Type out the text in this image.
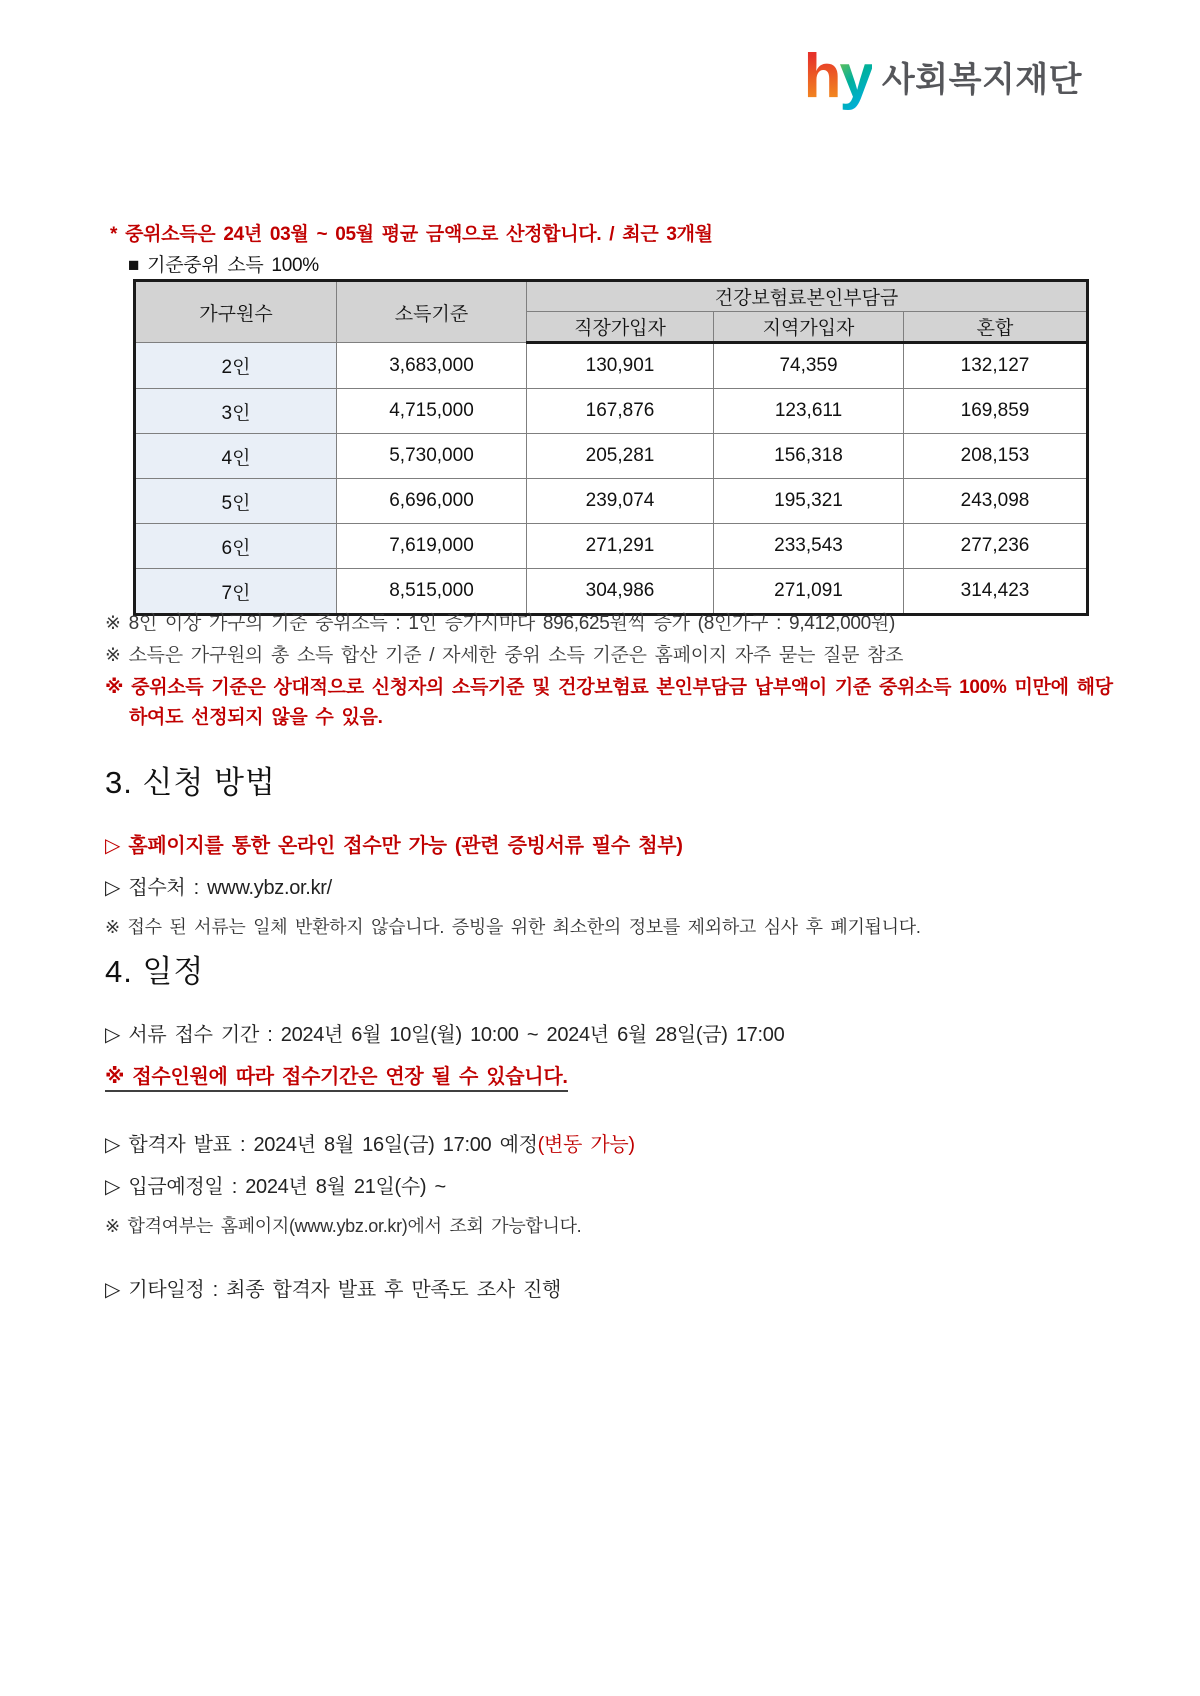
hy 사회복지재단
* 중위소득은 24년 03월 ~ 05월 평균 금액으로 산정합니다. / 최근 3개월
■ 기준중위 소득 100%
가구원수	소득기준	건강보험료본인부담금		
		직장가입자	지역가입자	혼합
2인	3,683,000	130,901	74,359	132,127
3인	4,715,000	167,876	123,611	169,859
4인	5,730,000	205,281	156,318	208,153
5인	6,696,000	239,074	195,321	243,098
6인	7,619,000	271,291	233,543	277,236
7인	8,515,000	304,986	271,091	314,423
※ 8인 이상 가구의 기준 중위소득 : 1인 증가시마다 896,625원씩 증가 (8인가구 : 9,412,000원)
※ 소득은 가구원의 총 소득 합산 기준 / 자세한 중위 소득 기준은 홈페이지 자주 묻는 질문 참조
※ 중위소득 기준은 상대적으로 신청자의 소득기준 및 건강보험료 본인부담금 납부액이 기준 중위소득 100% 미만에 해당
하여도 선정되지 않을 수 있음.
3. 신청 방법
▷ 홈페이지를 통한 온라인 접수만 가능 (관련 증빙서류 필수 첨부)
▷ 접수처 : www.ybz.or.kr/
※ 접수 된 서류는 일체 반환하지 않습니다. 증빙을 위한 최소한의 정보를 제외하고 심사 후 폐기됩니다.
4. 일정
▷ 서류 접수 기간 : 2024년 6월 10일(월) 10:00 ~ 2024년 6월 28일(금) 17:00
※ 접수인원에 따라 접수기간은 연장 될 수 있습니다.
▷ 합격자 발표 : 2024년 8월 16일(금) 17:00 예정(변동 가능)
▷ 입금예정일 : 2024년 8월 21일(수) ~
※ 합격여부는 홈페이지(www.ybz.or.kr)에서 조회 가능합니다.
▷ 기타일정 : 최종 합격자 발표 후 만족도 조사 진행
